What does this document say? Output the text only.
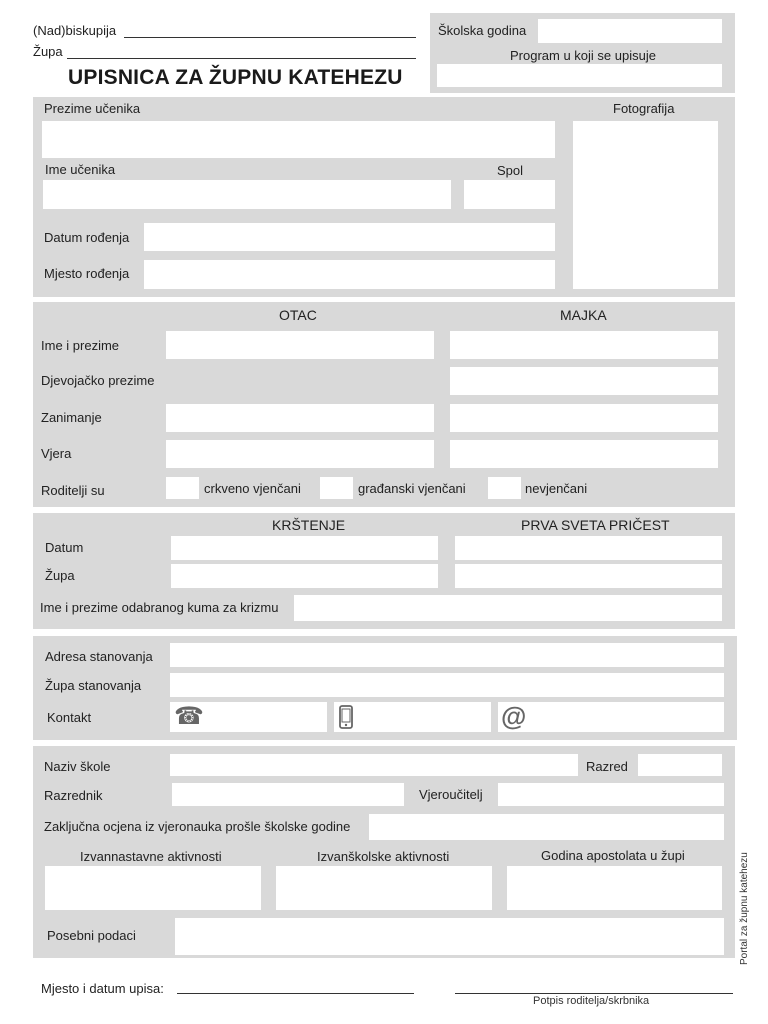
(Nad)biskupija
Župa
UPISNICA ZA ŽUPNU KATEHEZU
Školska godina
Program u koji se upisuje
Prezime učenika	Fotografija
Ime učenika	Spol
Datum rođenja
Mjesto rođenja
OTAC	MAJKA
Ime i prezime
Djevojačko prezime
Zanimanje
Vjera
Roditelji su	crkveno vjenčani	građanski vjenčani	nevjenčani
KRŠTENJE	PRVA SVETA PRIČEST
Datum
Župa
Ime i prezime odabranog kuma za krizmu
Adresa stanovanja
Župa stanovanja
Kontakt	☎	@
Naziv škole	Razred
Razrednik	Vjeroučitelj
Zaključna ocjena iz vjeronauka prošle školske godine
Izvannastavne aktivnosti	Izvanškolske aktivnosti	Godina apostolata u župi
Posebni podaci
Mjesto i datum upisa:
Potpis roditelja/skrbnika
Portal za župnu katehezu
